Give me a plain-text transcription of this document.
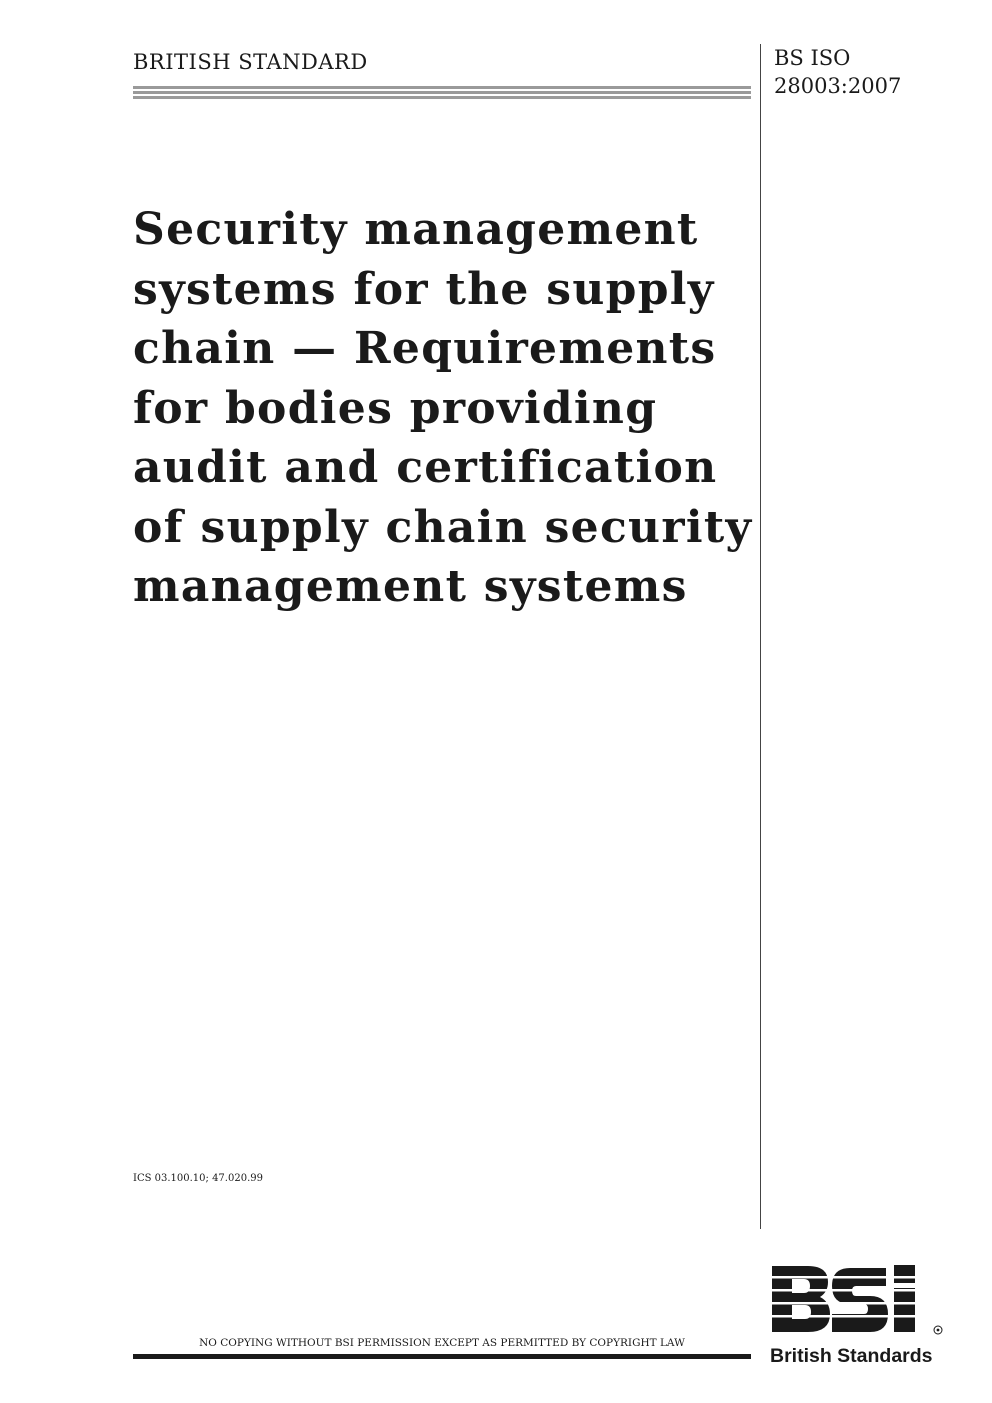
BRITISH STANDARD	BS ISO
28003:2007
Security management
systems for the supply
chain — Requirements
for bodies providing
audit and certification
of supply chain security
management systems
ICS 03.100.10; 47.020.99
NO COPYING WITHOUT BSI PERMISSION EXCEPT AS PERMITTED BY COPYRIGHT LAW
British Standards
